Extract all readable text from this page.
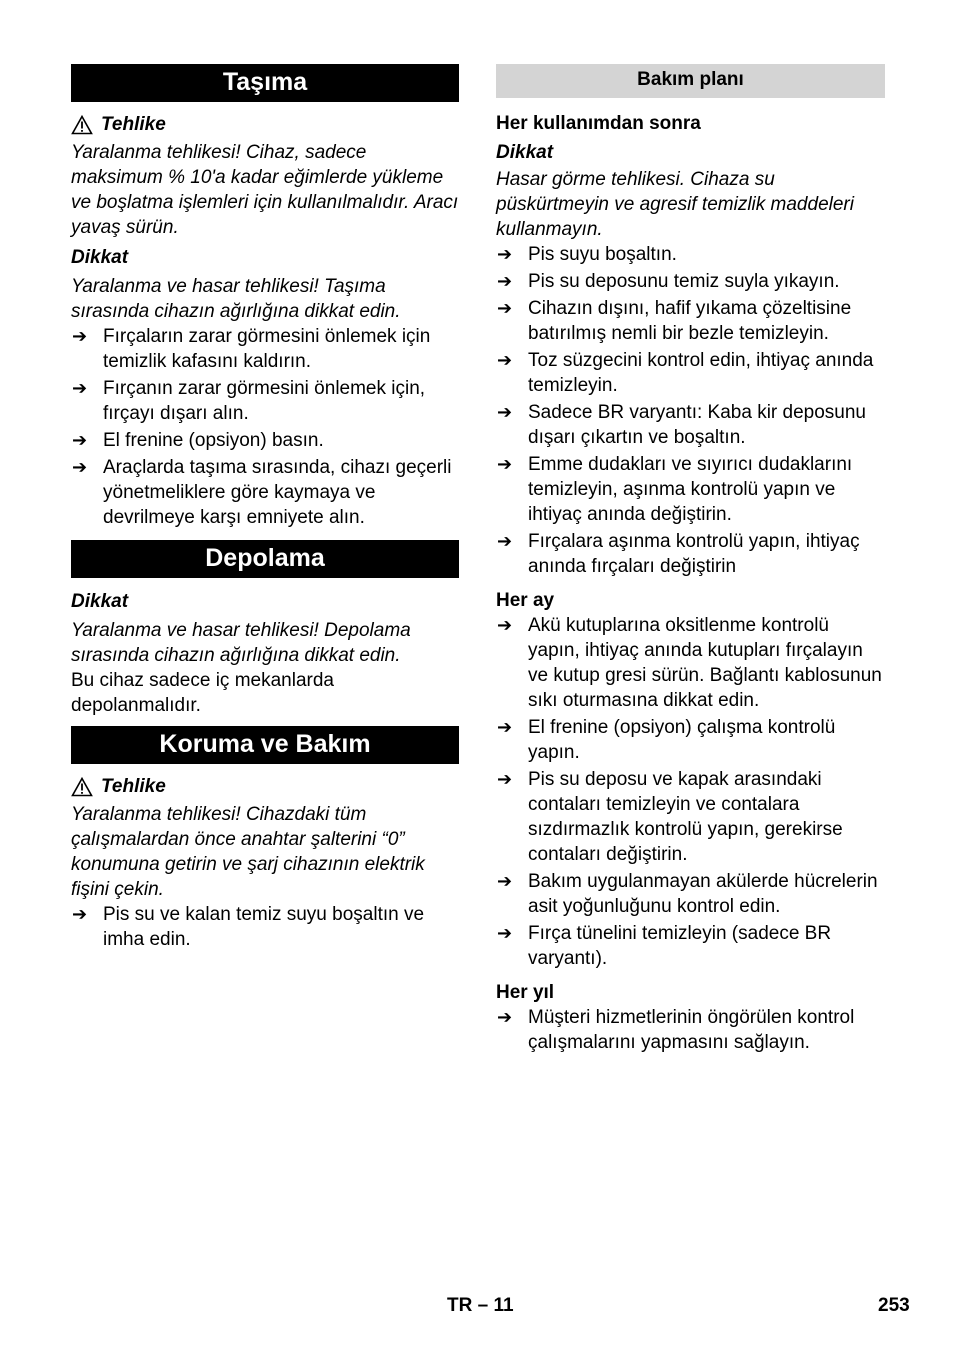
Taşıma
Tehlike

Yaralanma tehlikesi! Cihaz, sadece maksimum % 10'a kadar eğimlerde yükleme ve boşlatma işlemleri için kullanılmalıdır. Aracı yavaş sürün.

Dikkat

Yaralanma ve hasar tehlikesi! Taşıma sırasında cihazın ağırlığına dikkat edin.

➔ Fırçaların zarar görmesini önlemek için temizlik kafasını kaldırın.
➔ Fırçanın zarar görmesini önlemek için, fırçayı dışarı alın.
➔ El frenine (opsiyon) basın.
➔ Araçlarda taşıma sırasında, cihazı geçerli yönetmeliklere göre kaymaya ve devrilmeye karşı emniyete alın.
Depolama

Dikkat

Yaralanma ve hasar tehlikesi! Depolama sırasında cihazın ağırlığına dikkat edin.

Bu cihaz sadece iç mekanlarda depolanmalıdır.

Koruma ve Bakım
Tehlike

Yaralanma tehlikesi! Cihazdaki tüm çalışmalardan önce anahtar şalterini “0” konumuna getirin ve şarj cihazının elektrik fişini çekin.

➔ Pis su ve kalan temiz suyu boşaltın ve imha edin.
Bakım planı

Her kullanımdan sonra

Dikkat

Hasar görme tehlikesi. Cihaza su püskürtmeyin ve agresif temizlik maddeleri kullanmayın.

➔ Pis suyu boşaltın.
➔ Pis su deposunu temiz suyla yıkayın.
➔ Cihazın dışını, hafif yıkama çözeltisine batırılmış nemli bir bezle temizleyin.
➔ Toz süzgecini kontrol edin, ihtiyaç anında temizleyin.
➔ Sadece BR varyantı: Kaba kir deposunu dışarı çıkartın ve boşaltın.
➔ Emme dudakları ve sıyırıcı dudaklarını temizleyin, aşınma kontrolü yapın ve ihtiyaç anında değiştirin.
➔ Fırçalara aşınma kontrolü yapın, ihtiyaç anında fırçaları değiştirin

Her ay

➔ Akü kutuplarına oksitlenme kontrolü yapın, ihtiyaç anında kutupları fırçalayın ve kutup gresi sürün. Bağlantı kablosunun sıkı oturmasına dikkat edin.
➔ El frenine (opsiyon) çalışma kontrolü yapın.
➔ Pis su deposu ve kapak arasındaki contaları temizleyin ve contalara sızdırmazlık kontrolü yapın, gerekirse contaları değiştirin.
➔ Bakım uygulanmayan akülerde hücrelerin asit yoğunluğunu kontrol edin.
➔ Fırça tünelini temizleyin (sadece BR varyantı).

Her yıl

➔ Müşteri hizmetlerinin öngörülen kontrol çalışmalarını yapmasını sağlayın.
TR – 11	253
